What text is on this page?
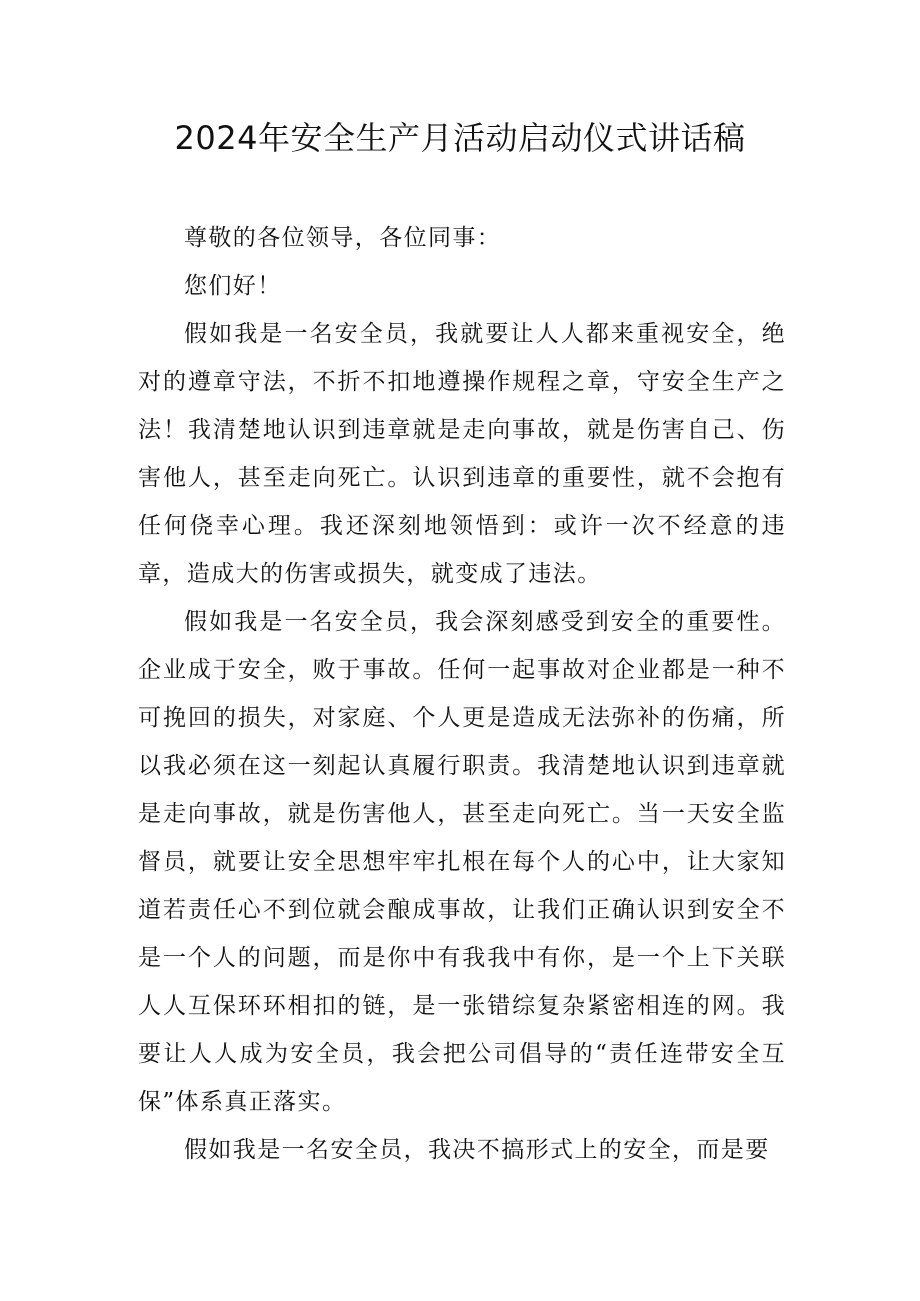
2024年安全生产月活动启动仪式讲话稿

尊敬的各位领导，各位同事：

您们好！

假如我是一名安全员，我就要让人人都来重视安全，绝对的遵章守法，不折不扣地遵操作规程之章，守安全生产之法！我清楚地认识到违章就是走向事故，就是伤害自己、伤害他人，甚至走向死亡。认识到违章的重要性，就不会抱有任何侥幸心理。我还深刻地领悟到：或许一次不经意的违章，造成大的伤害或损失，就变成了违法。

假如我是一名安全员，我会深刻感受到安全的重要性。企业成于安全，败于事故。任何一起事故对企业都是一种不可挽回的损失，对家庭、个人更是造成无法弥补的伤痛，所以我必须在这一刻起认真履行职责。我清楚地认识到违章就是走向事故，就是伤害他人，甚至走向死亡。当一天安全监督员，就要让安全思想牢牢扎根在每个人的心中，让大家知道若责任心不到位就会酿成事故，让我们正确认识到安全不是一个人的问题，而是你中有我我中有你，是一个上下关联人人互保环环相扣的链，是一张错综复杂紧密相连的网。我要让人人成为安全员，我会把公司倡导的“责任连带安全互保”体系真正落实。

假如我是一名安全员，我决不搞形式上的安全，而是要
